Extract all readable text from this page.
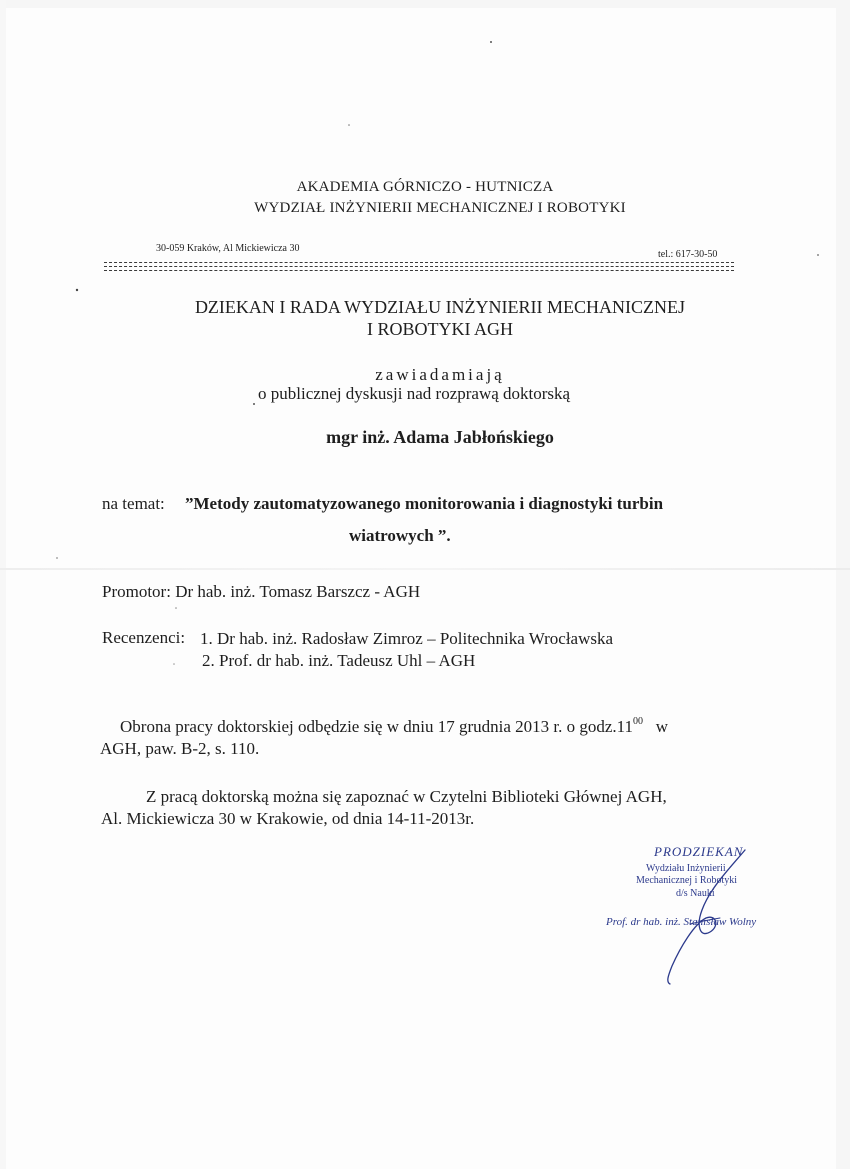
AKADEMIA GÓRNICZO - HUTNICZA
WYDZIAŁ INŻYNIERII MECHANICZNEJ I ROBOTYKI
30-059 Kraków, Al Mickiewicza 30
tel.: 617-30-50
DZIEKAN I RADA WYDZIAŁU INŻYNIERII MECHANICZNEJ
I ROBOTYKI AGH
zawiadamiają
o publicznej dyskusji nad rozprawą doktorską
mgr inż. Adama Jabłońskiego
na temat: ”Metody zautomatyzowanego monitorowania i diagnostyki turbin
wiatrowych ”.
Promotor: Dr hab. inż. Tomasz Barszcz - AGH
Recenzenci: 1. Dr hab. inż. Radosław Zimroz – Politechnika Wrocławska
2. Prof. dr hab. inż. Tadeusz Uhl – AGH
Obrona pracy doktorskiej odbędzie się w dniu 17 grudnia 2013 r. o $godz.11^{00}$ w
AGH, paw. B-2, s. 110.
Z pracą doktorską można się zapoznać w Czytelni Biblioteki Głównej AGH,
Al. Mickiewicza 30 w Krakowie, od dnia 14-11-2013r.
PRODZIEKAN
Wydziału Inżynierii
Mechanicznej i Robotyki
d/s Nauki
Prof. dr hab. inż. Stanisław Wolny
